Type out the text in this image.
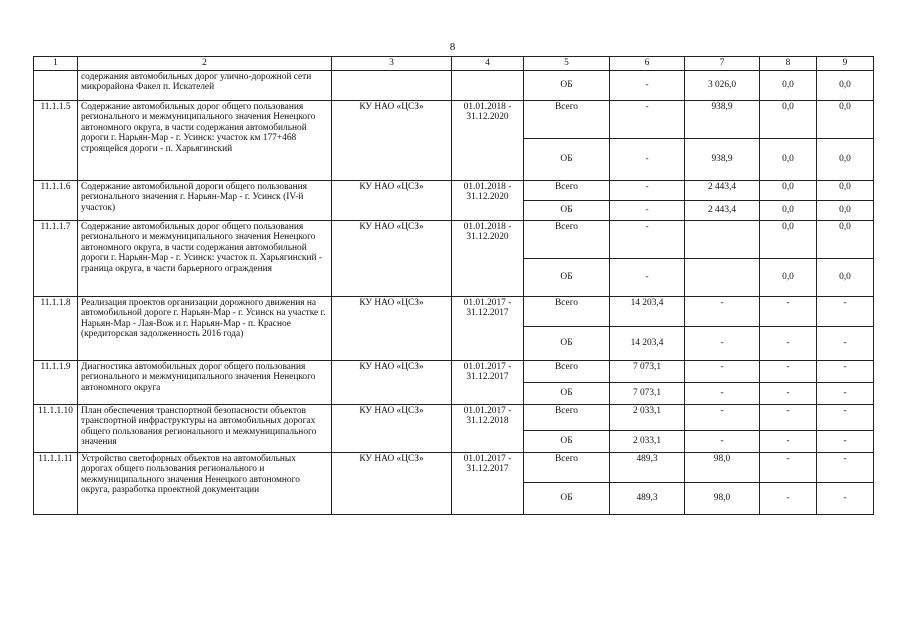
8
1	2	3	4	5	6	7	8	9
	содержания автомобильных дорог улично-дорожной сети микрорайона Факел п. Искателей			ОБ	-	3 026,0	0,0	0,0
11.1.1.5	Содержание автомобильных дорог общего пользования регионального и межмуниципального значения Ненецкого автономного округа, в части содержания автомобильной дороги г. Нарьян-Мар - г. Усинск: участок км 177+468 строящейся дороги - п. Харьягинский	КУ НАО «ЦСЗ»	01.01.2018 - 31.12.2020	Всего	-	938,9	0,0	0,0
				ОБ	-	938,9	0,0	0,0
11.1.1.6	Содержание автомобильной дороги общего пользования регионального значения г. Нарьян-Мар - г. Усинск (IV-й участок)	КУ НАО «ЦСЗ»	01.01.2018 - 31.12.2020	Всего	-	2 443,4	0,0	0,0
				ОБ	-	2 443,4	0,0	0,0
11.1.1.7	Содержание автомобильных дорог общего пользования регионального и межмуниципального значения Ненецкого автономного округа, в части содержания автомобильной дороги г. Нарьян-Мар - г. Усинск: участок п. Харьягинский - граница округа, в части барьерного ограждения	КУ НАО «ЦСЗ»	01.01.2018 - 31.12.2020	Всего	-		0,0	0,0
				ОБ	-		0,0	0,0
11.1.1.8	Реализация проектов организации дорожного движения на автомобильной дороге г. Нарьян-Мар - г. Усинск на участке г. Нарьян-Мар - Лая-Вож и г. Нарьян-Мар - п. Красное (кредиторская задолженность 2016 года)	КУ НАО «ЦСЗ»	01.01.2017 - 31.12.2017	Всего	14 203,4	-	-	-
				ОБ	14 203,4	-	-	-
11.1.1.9	Диагностика автомобильных дорог общего пользования регионального и межмуниципального значения Ненецкого автономного округа	КУ НАО «ЦСЗ»	01.01.2017 - 31.12.2017	Всего	7 073,1	-	-	-
				ОБ	7 073,1	-	-	-
11.1.1.10	План обеспечения транспортной безопасности объектов транспортной инфраструктуры на автомобильных дорогах общего пользования регионального и межмуниципального значения	КУ НАО «ЦСЗ»	01.01.2017 - 31.12.2018	Всего	2 033,1	-	-	-
				ОБ	2 033,1	-	-	-
11.1.1.11	Устройство светофорных объектов на автомобильных дорогах общего пользования регионального и межмуниципального значения Ненецкого автономного округа, разработка проектной документации	КУ НАО «ЦСЗ»	01.01.2017 - 31.12.2017	Всего	489,3	98,0	-	-
				ОБ	489,3	98,0	-	-
